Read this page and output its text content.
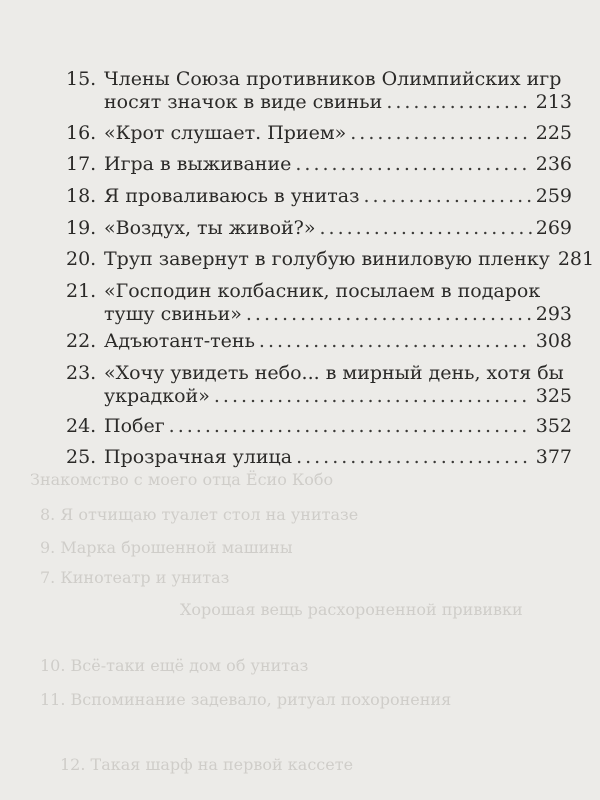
Знакомство с моего отца Ёсио Кобо
8. Я отчищаю туалет стол на унитазе
9. Марка брошенной машины
7. Кинотеатр и унитаз
Хорошая вещь расхороненной прививки
10. Всё-таки ещё дом об унитаз
11. Вспоминание задевало, ритуал похоронения
12. Такая шарф на первой кассете
15. Члены Союза противников Олимпийских игр
носят значок в виде свиньи .....	213
16. «Крот слушает. Прием» .....	225
17. Игра в выживание .....	236
18. Я проваливаюсь в унитаз .....	259
19. «Воздух, ты живой?» .....	269
20. Труп завернут в голубую виниловую пленку 281
21. «Господин колбасник, посылаем в подарок
тушу свиньи» .....	293
22. Адъютант-тень .....	308
23. «Хочу увидеть небо... в мирный день, хотя бы
украдкой» .....	325
24. Побег .....	352
25. Прозрачная улица .....	377
